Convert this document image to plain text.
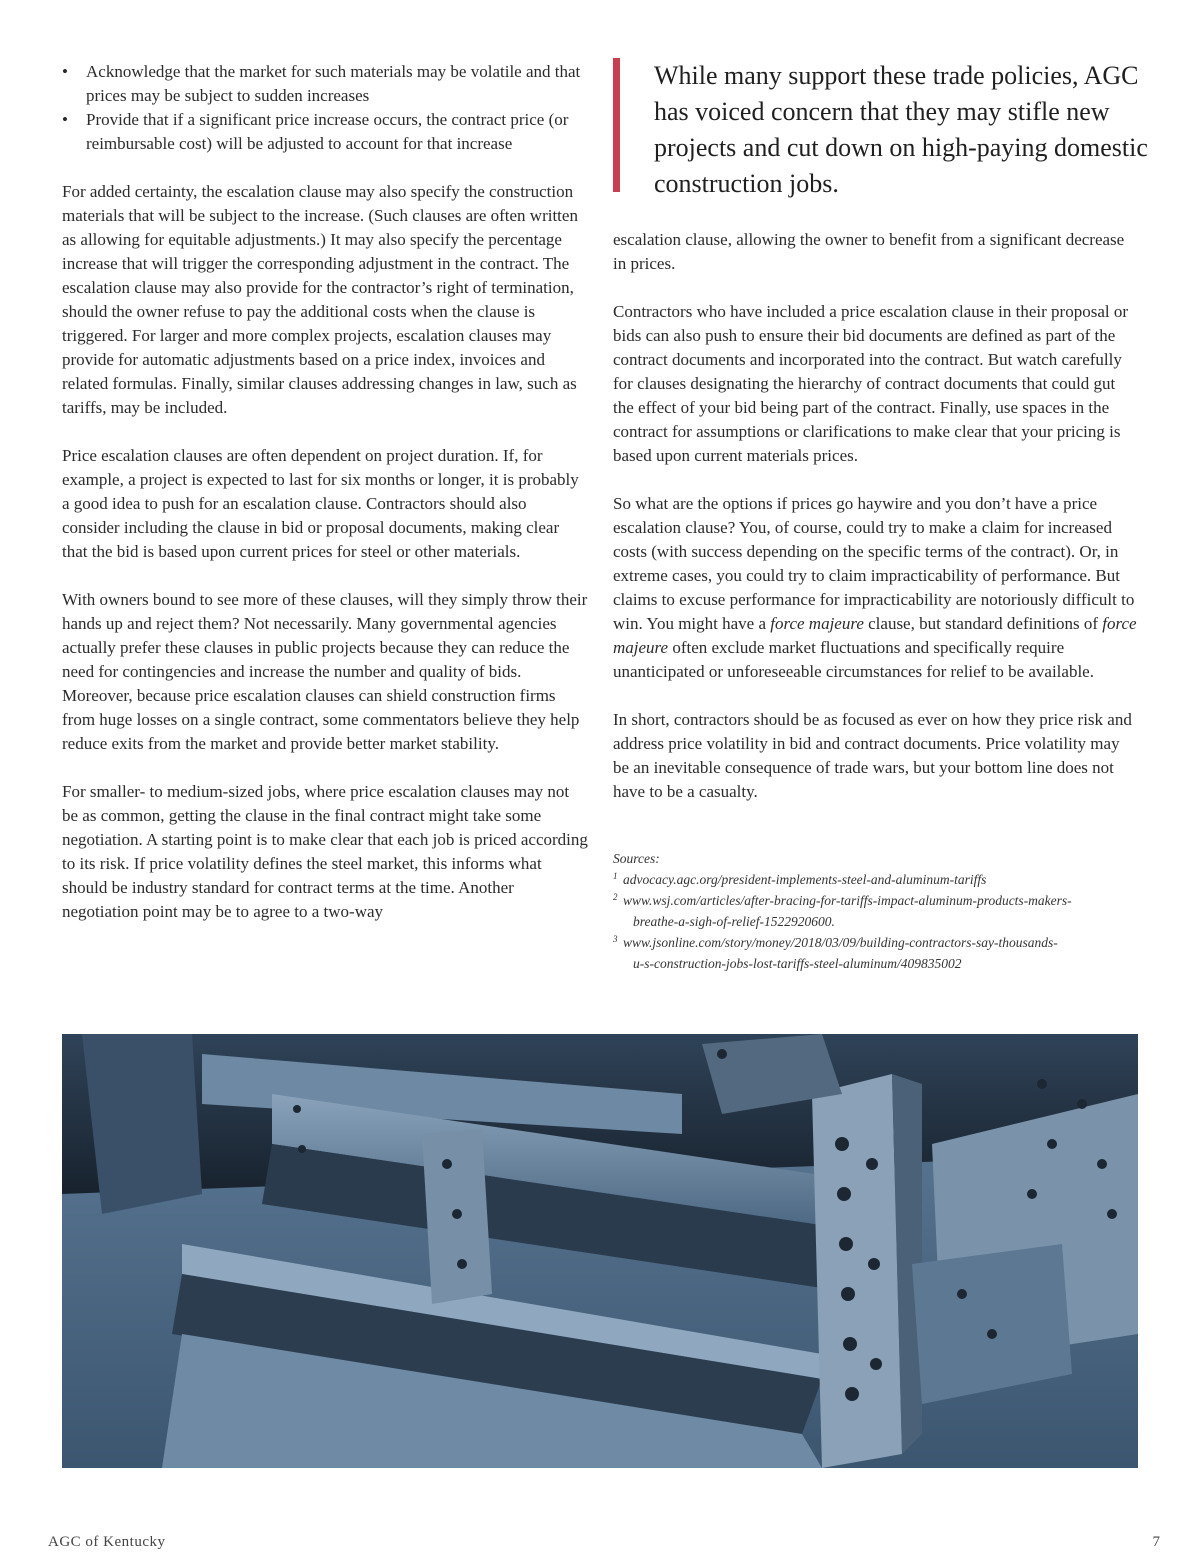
• Acknowledge that the market for such materials may be volatile and that prices may be subject to sudden increases
• Provide that if a significant price increase occurs, the contract price (or reimbursable cost) will be adjusted to account for that increase

For added certainty, the escalation clause may also specify the construction materials that will be subject to the increase. (Such clauses are often written as allowing for equitable adjustments.) It may also specify the percentage increase that will trigger the corresponding adjustment in the contract. The escalation clause may also provide for the contractor’s right of termination, should the owner refuse to pay the additional costs when the clause is triggered. For larger and more complex projects, escalation clauses may provide for automatic adjustments based on a price index, invoices and related formulas. Finally, similar clauses addressing changes in law, such as tariffs, may be included.

Price escalation clauses are often dependent on project duration. If, for example, a project is expected to last for six months or longer, it is probably a good idea to push for an escalation clause. Contractors should also consider including the clause in bid or proposal documents, making clear that the bid is based upon current prices for steel or other materials.

With owners bound to see more of these clauses, will they simply throw their hands up and reject them? Not necessarily. Many governmental agencies actually prefer these clauses in public projects because they can reduce the need for contingencies and increase the number and quality of bids. Moreover, because price escalation clauses can shield construction firms from huge losses on a single contract, some commentators believe they help reduce exits from the market and provide better market stability.

For smaller- to medium-sized jobs, where price escalation clauses may not be as common, getting the clause in the final contract might take some negotiation. A starting point is to make clear that each job is priced according to its risk. If price volatility defines the steel market, this informs what should be industry standard for contract terms at the time. Another negotiation point may be to agree to a two-way

While many support these trade policies, AGC has voiced concern that they may stifle new projects and cut down on high-paying domestic construction jobs.

escalation clause, allowing the owner to benefit from a significant decrease in prices.

Contractors who have included a price escalation clause in their proposal or bids can also push to ensure their bid documents are defined as part of the contract documents and incorporated into the contract. But watch carefully for clauses designating the hierarchy of contract documents that could gut the effect of your bid being part of the contract. Finally, use spaces in the contract for assumptions or clarifications to make clear that your pricing is based upon current materials prices.

So what are the options if prices go haywire and you don’t have a price escalation clause? You, of course, could try to make a claim for increased costs (with success depending on the specific terms of the contract). Or, in extreme cases, you could try to claim impracticability of performance. But claims to excuse performance for impracticability are notoriously difficult to win. You might have a force majeure clause, but standard definitions of force majeure often exclude market fluctuations and specifically require unanticipated or unforeseeable circumstances for relief to be available.

In short, contractors should be as focused as ever on how they price risk and address price volatility in bid and contract documents. Price volatility may be an inevitable consequence of trade wars, but your bottom line does not have to be a casualty.

Sources:
1 advocacy.agc.org/president-implements-steel-and-aluminum-tariffs
2 www.wsj.com/articles/after-bracing-for-tariffs-impact-aluminum-products-makers-
breathe-a-sigh-of-relief-1522920600.
3 www.jsonline.com/story/money/2018/03/09/building-contractors-say-thousands-
u-s-construction-jobs-lost-tariffs-steel-aluminum/409835002
AGC of Kentucky	7
